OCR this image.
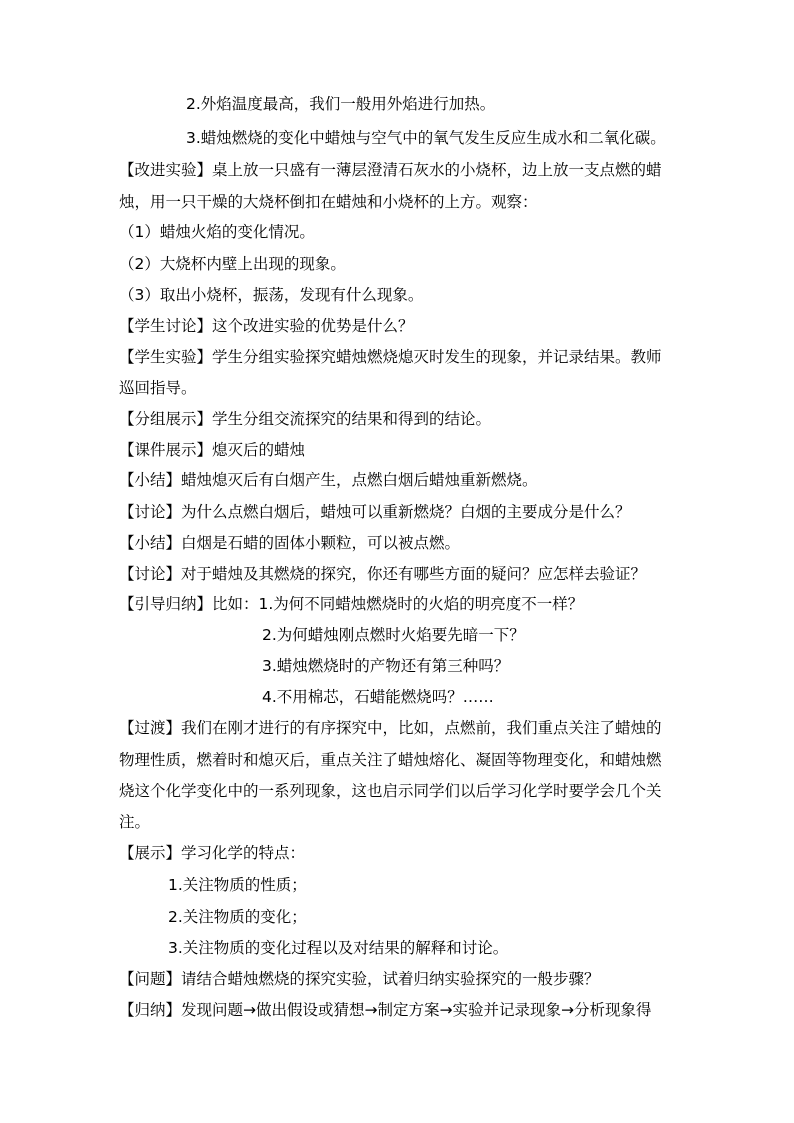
2.外焰温度最高，我们一般用外焰进行加热。
3.蜡烛燃烧的变化中蜡烛与空气中的氧气发生反应生成水和二氧化碳。
【改进实验】桌上放一只盛有一薄层澄清石灰水的小烧杯，边上放一支点燃的蜡
烛，用一只干燥的大烧杯倒扣在蜡烛和小烧杯的上方。观察：
（1）蜡烛火焰的变化情况。
（2）大烧杯内壁上出现的现象。
（3）取出小烧杯，振荡，发现有什么现象。
【学生讨论】这个改进实验的优势是什么？
【学生实验】学生分组实验探究蜡烛燃烧熄灭时发生的现象，并记录结果。教师
巡回指导。
【分组展示】学生分组交流探究的结果和得到的结论。
【课件展示】熄灭后的蜡烛
【小结】蜡烛熄灭后有白烟产生，点燃白烟后蜡烛重新燃烧。
【讨论】为什么点燃白烟后，蜡烛可以重新燃烧？白烟的主要成分是什么？
【小结】白烟是石蜡的固体小颗粒，可以被点燃。
【讨论】对于蜡烛及其燃烧的探究，你还有哪些方面的疑问？应怎样去验证？
【引导归纳】比如：1.为何不同蜡烛燃烧时的火焰的明亮度不一样？
2.为何蜡烛刚点燃时火焰要先暗一下？
3.蜡烛燃烧时的产物还有第三种吗？
4.不用棉芯，石蜡能燃烧吗？……
【过渡】我们在刚才进行的有序探究中，比如，点燃前，我们重点关注了蜡烛的
物理性质，燃着时和熄灭后，重点关注了蜡烛熔化、凝固等物理变化，和蜡烛燃
烧这个化学变化中的一系列现象，这也启示同学们以后学习化学时要学会几个关
注。
【展示】学习化学的特点：
1.关注物质的性质；
2.关注物质的变化；
3.关注物质的变化过程以及对结果的解释和讨论。
【问题】请结合蜡烛燃烧的探究实验，试着归纳实验探究的一般步骤？
【归纳】发现问题→做出假设或猜想→制定方案→实验并记录现象→分析现象得
